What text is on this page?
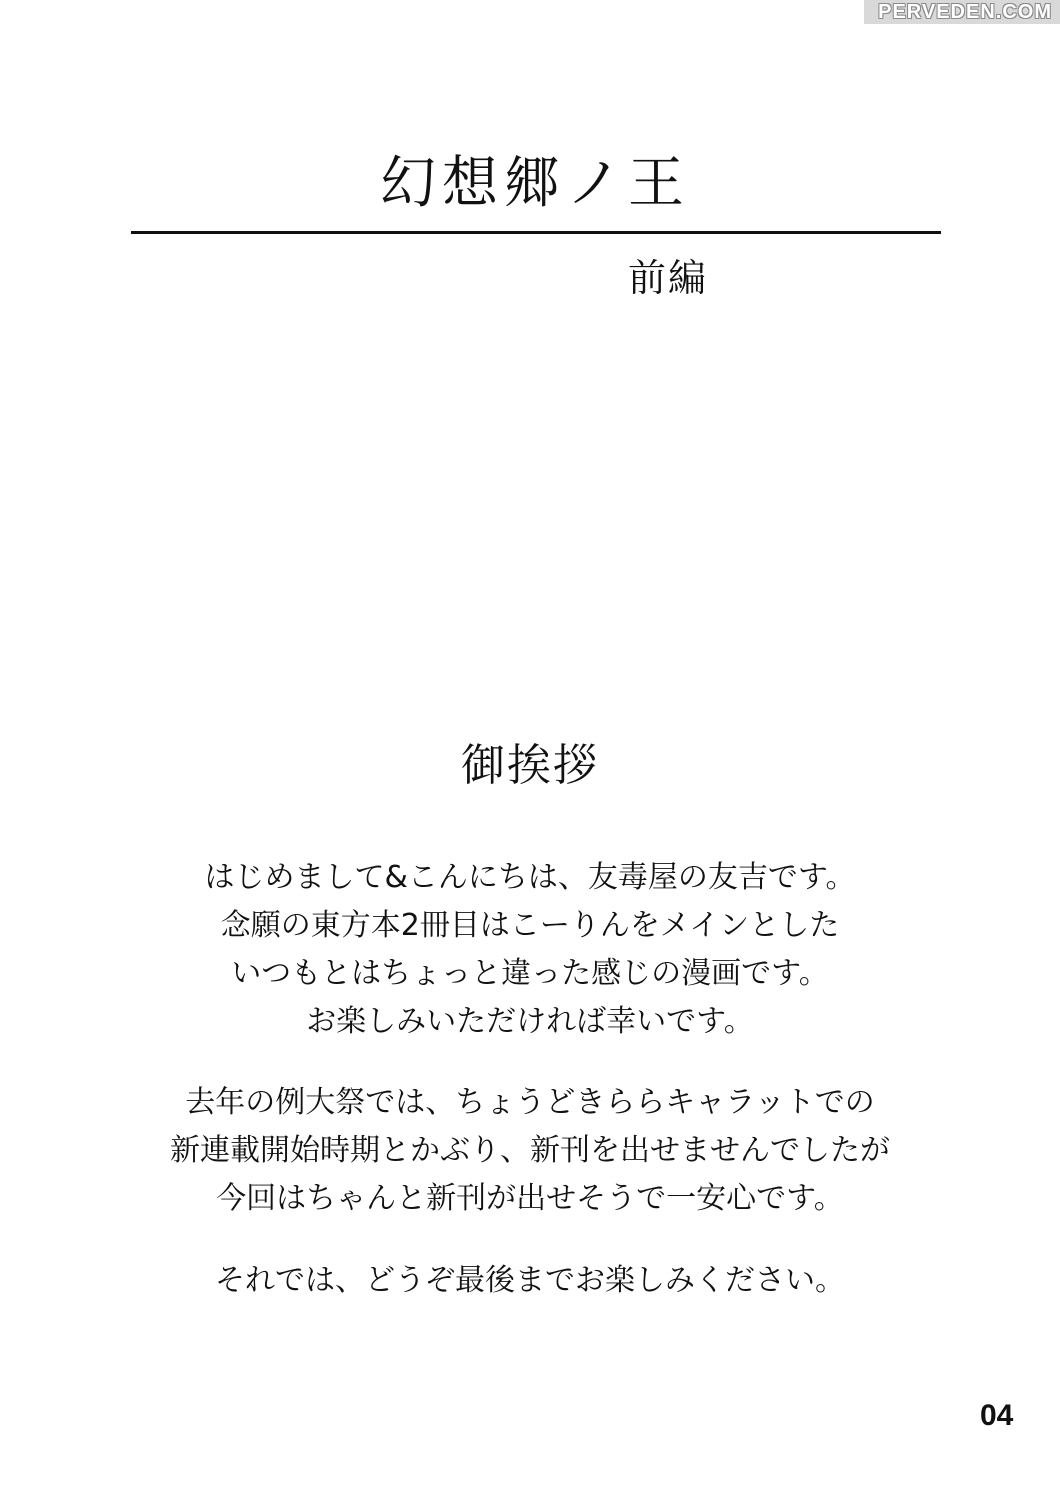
PERVEDEN.COM
幻想郷ノ王
前編
御挨拶

はじめまして&こんにちは、友毒屋の友吉です。
念願の東方本2冊目はこーりんをメインとした
いつもとはちょっと違った感じの漫画です。
お楽しみいただければ幸いです。

去年の例大祭では、ちょうどきららキャラットでの
新連載開始時期とかぶり、新刊を出せませんでしたが
今回はちゃんと新刊が出せそうで一安心です。

それでは、どうぞ最後までお楽しみください。

04
